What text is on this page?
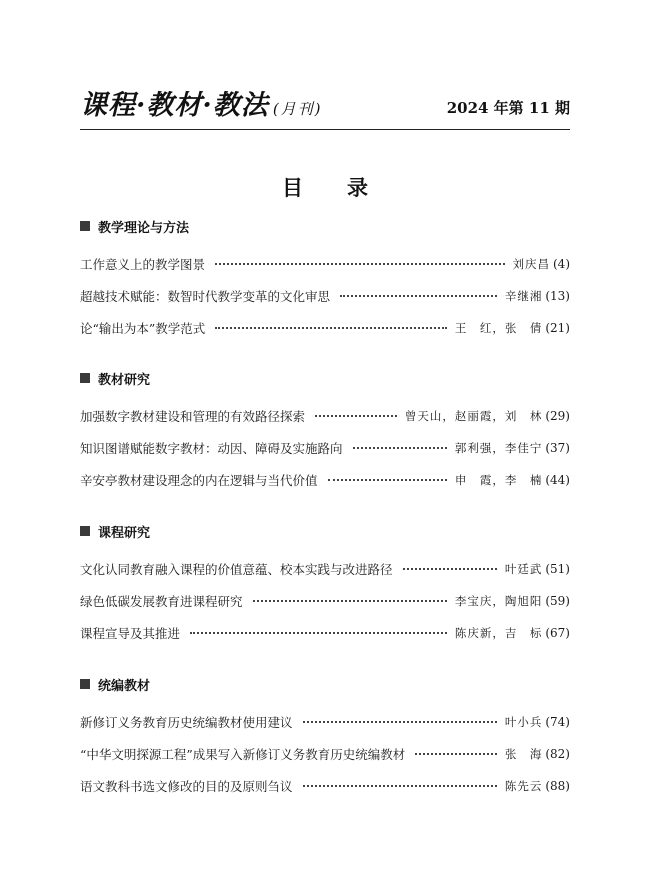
课程·教材·教法 (月刊)	2024 年第 11 期
目录
教学理论与方法
工作意义上的教学图景	刘庆昌 (4)
超越技术赋能：数智时代教学变革的文化审思	辛继湘 (13)
论“输出为本”教学范式	王　红，张　倩 (21)
教材研究
加强数字教材建设和管理的有效路径探索	曾天山，赵丽霞，刘　林 (29)
知识图谱赋能数字教材：动因、障碍及实施路向	郭利强，李佳宁 (37)
辛安亭教材建设理念的内在逻辑与当代价值	申　霞，李　楠 (44)
课程研究
文化认同教育融入课程的价值意蕴、校本实践与改进路径	叶廷武 (51)
绿色低碳发展教育进课程研究	李宝庆，陶旭阳 (59)
课程宣导及其推进	陈庆新，吉　标 (67)
统编教材
新修订义务教育历史统编教材使用建议	叶小兵 (74)
“中华文明探源工程”成果写入新修订义务教育历史统编教材	张　海 (82)
语文教科书选文修改的目的及原则刍议	陈先云 (88)
